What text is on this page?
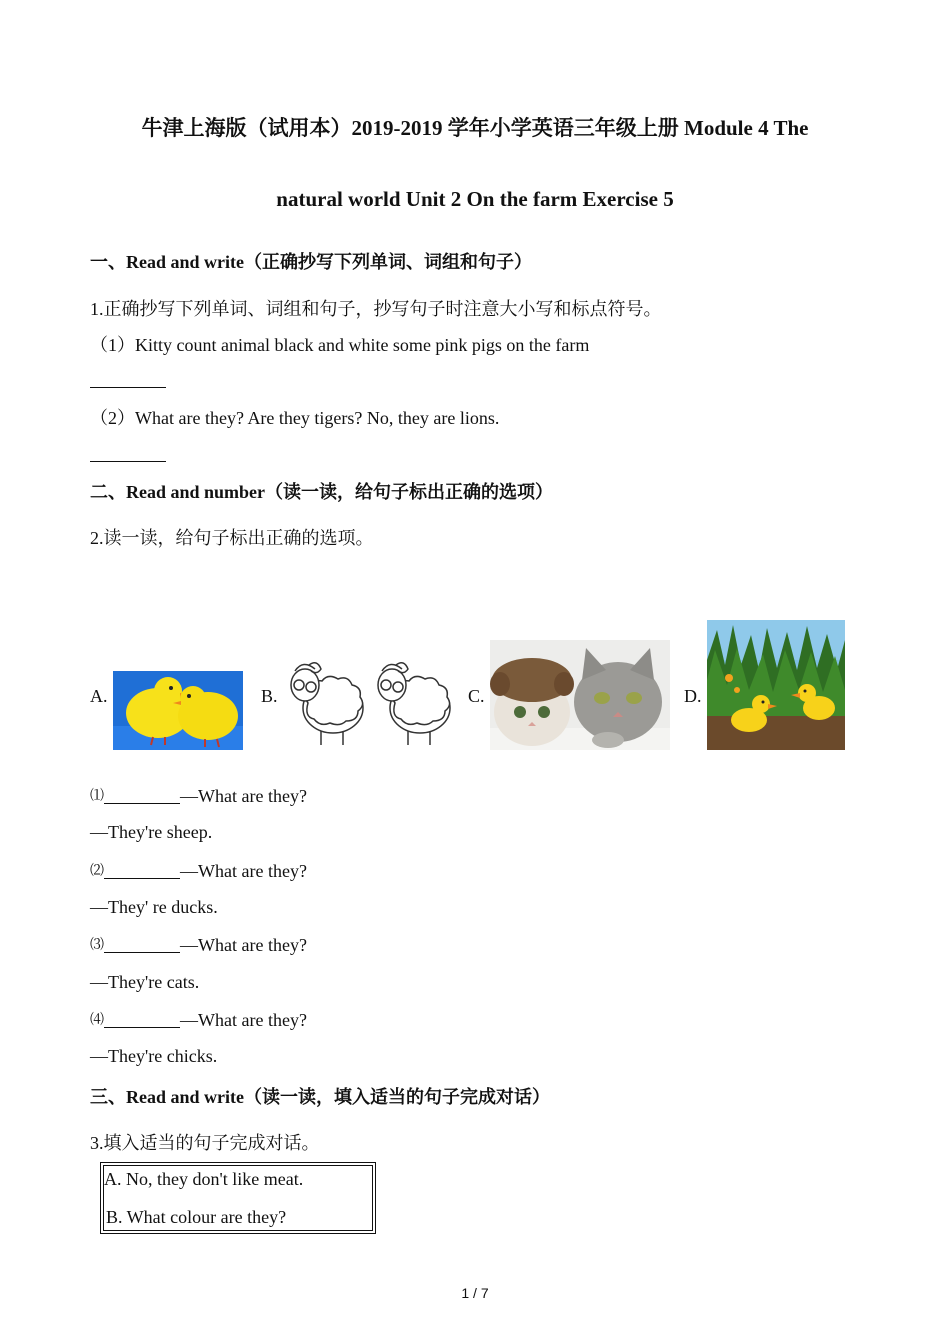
牛津上海版（试用本）2019-2019 学年小学英语三年级上册 Module 4 The
natural world Unit 2 On the farm Exercise 5
一、Read and write（正确抄写下列单词、词组和句子）
1.正确抄写下列单词、词组和句子，抄写句子时注意大小写和标点符号。
（1）Kitty count animal black and white some pink pigs on the farm
（2）What are they? Are they tigers? No, they are lions.
二、Read and number（读一读，给句子标出正确的选项）
2.读一读，给句子标出正确的选项。
A.	B.	C.	D.
⑴	—What are they?
—They're sheep.
⑵	—What are they?
—They' re ducks.
⑶	—What are they?
—They're cats.
⑷	—What are they?
—They're chicks.
三、Read and write（读一读，填入适当的句子完成对话）
3.填入适当的句子完成对话。
A. No, they don't like meat.
B. What colour are they?
1 / 7
